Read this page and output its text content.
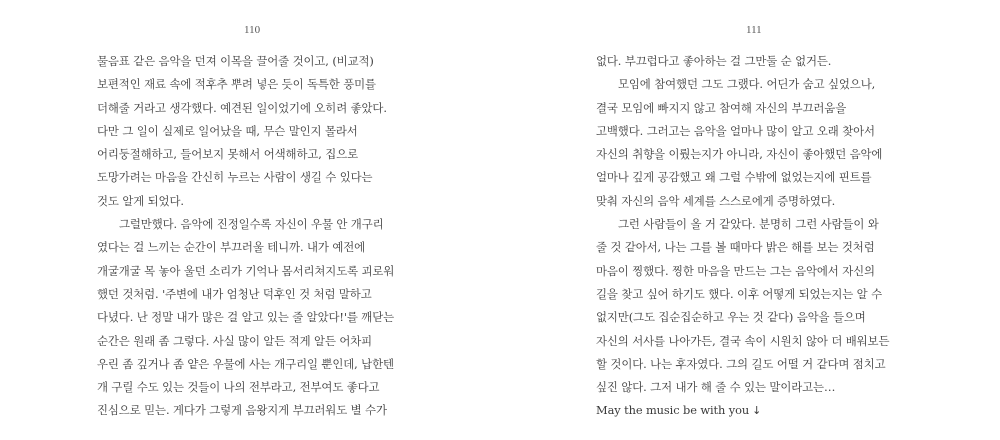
110
물음표 같은 음악을 던져 이목을 끌어줄 것이고, (비교적)
보편적인 재료 속에 적후추 뿌려 넣은 듯이 독특한 풍미를
더해줄 거라고 생각했다. 예견된 일이었기에 오히려 좋았다.
다만 그 일이 실제로 일어났을 때, 무슨 말인지 몰라서
어리둥절해하고, 들어보지 못해서 어색해하고, 집으로
도망가려는 마음을 간신히 누르는 사람이 생길 수 있다는
것도 알게 되었다.
그럴만했다. 음악에 진정일수록 자신이 우물 안 개구리
였다는 걸 느끼는 순간이 부끄러울 테니까. 내가 예전에
개굴개굴 목 놓아 울던 소리가 기억나 몸서리쳐지도록 괴로워
했던 것처럼. '주변에 내가 엄청난 덕후인 것 처럼 말하고
다녔다. 난 정말 내가 많은 걸 알고 있는 줄 알았다!'를 깨닫는
순간은 원래 좀 그렇다. 사실 많이 알든 적게 알든 어차피
우린 좀 깊거나 좀 얕은 우물에 사는 개구리일 뿐인데, 납한텐
개 구릴 수도 있는 것들이 나의 전부라고, 전부여도 좋다고
진심으로 믿는. 게다가 그렇게 음왕지게 부끄러워도 별 수가
111
없다. 부끄럽다고 좋아하는 걸 그만둘 순 없거든.
모임에 참여했던 그도 그랬다. 어딘가 숨고 싶었으나,
결국 모임에 빠지지 않고 참여해 자신의 부끄러움을
고백했다. 그러고는 음악을 얼마나 많이 알고 오래 찾아서
자신의 취향을 이뤘는지가 아니라, 자신이 좋아했던 음악에
얼마나 깊게 공감했고 왜 그럴 수밖에 없었는지에 핀트를
맞춰 자신의 음악 세계를 스스로에게 증명하였다.
그런 사람들이 올 거 같았다. 분명히 그런 사람들이 와
줄 것 같아서, 나는 그를 볼 때마다 밝은 해를 보는 것처럼
마음이 찡했다. 찡한 마음을 만드는 그는 음악에서 자신의
길을 찾고 싶어 하기도 했다. 이후 어떻게 되었는지는 알 수
없지만(그도 집순집순하고 우는 것 같다) 음악을 들으며
자신의 서사를 나아가든, 결국 속이 시원치 않아 더 배워보든
할 것이다. 나는 후자였다. 그의 길도 어떨 거 같다며 점치고
싶진 않다. 그저 내가 해 줄 수 있는 말이라고는…
May the music be with you ↓
